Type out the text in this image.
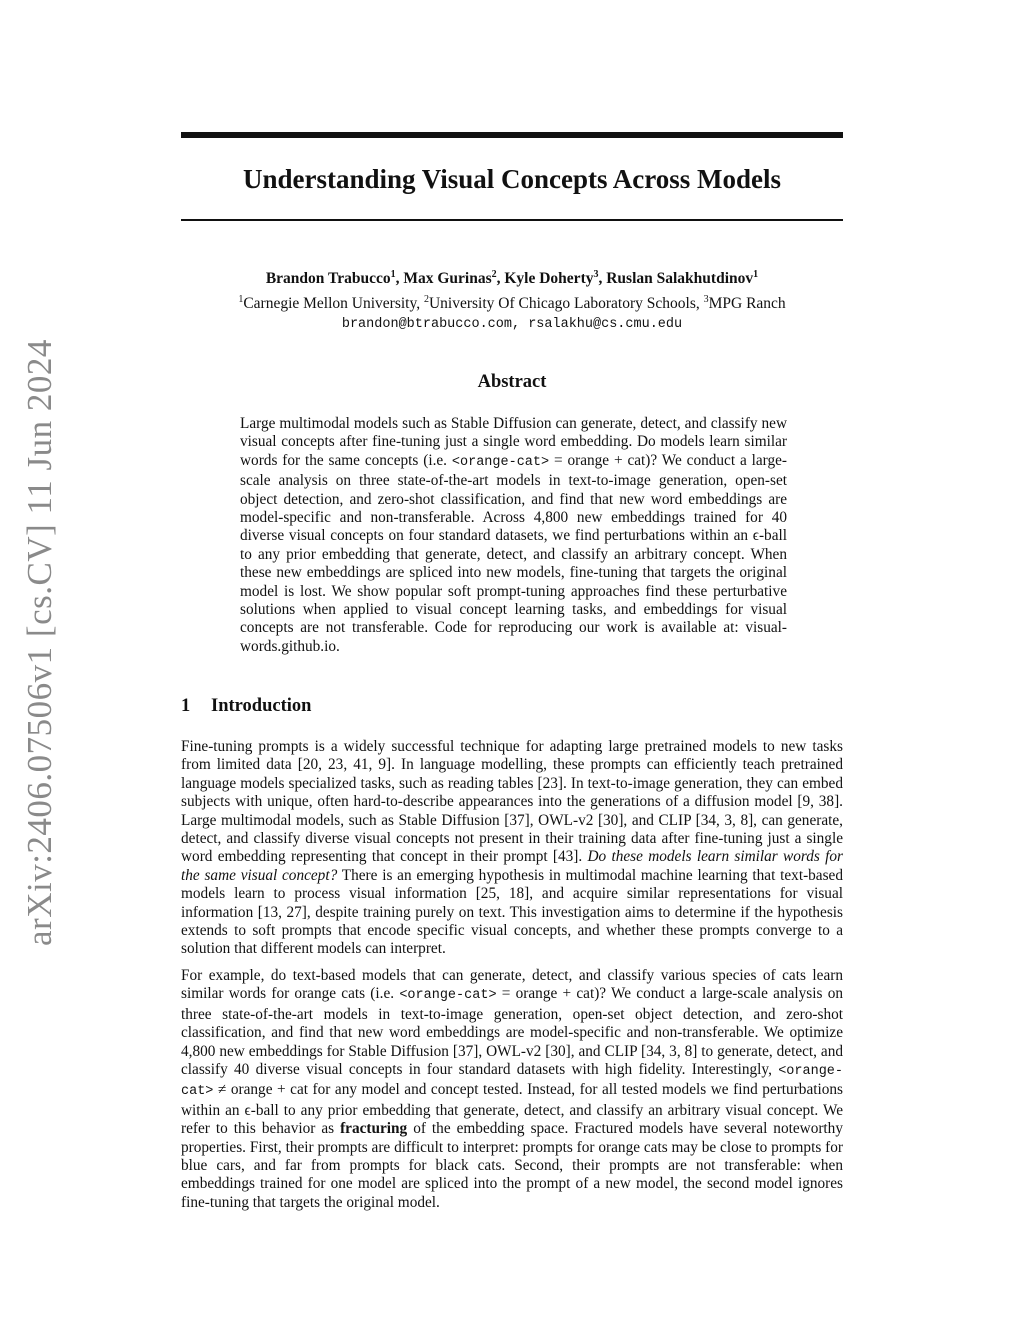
arXiv:2406.07506v1 [cs.CV] 11 Jun 2024
Understanding Visual Concepts Across Models
Brandon Trabucco$^1$, Max Gurinas$^2$, Kyle Doherty$^3$, Ruslan Salakhutdinov$^1$
$^1$Carnegie Mellon University, $^2$University Of Chicago Laboratory Schools, $^3$MPG Ranch
brandon@btrabucco.com, rsalakhu@cs.cmu.edu
Abstract

Large multimodal models such as Stable Diffusion can generate, detect, and classify new visual concepts after fine-tuning just a single word embedding. Do models learn similar words for the same concepts (i.e. <orange-cat> = orange + cat)? We conduct a large-scale analysis on three state-of-the-art models in text-to-image generation, open-set object detection, and zero-shot classification, and find that new word embeddings are model-specific and non-transferable. Across 4,800 new embeddings trained for 40 diverse visual concepts on four standard datasets, we find perturbations within an ϵ-ball to any prior embedding that generate, detect, and classify an arbitrary concept. When these new embeddings are spliced into new models, fine-tuning that targets the original model is lost. We show popular soft prompt-tuning approaches find these perturbative solutions when applied to visual concept learning tasks, and embeddings for visual concepts are not transferable. Code for reproducing our work is available at: visual-words.github.io.

1 Introduction

Fine-tuning prompts is a widely successful technique for adapting large pretrained models to new tasks from limited data [20, 23, 41, 9]. In language modelling, these prompts can efficiently teach pretrained language models specialized tasks, such as reading tables [23]. In text-to-image generation, they can embed subjects with unique, often hard-to-describe appearances into the generations of a diffusion model [9, 38]. Large multimodal models, such as Stable Diffusion [37], OWL-v2 [30], and CLIP [34, 3, 8], can generate, detect, and classify diverse visual concepts not present in their training data after fine-tuning just a single word embedding representing that concept in their prompt [43]. Do these models learn similar words for the same visual concept? There is an emerging hypothesis in multimodal machine learning that text-based models learn to process visual information [25, 18], and acquire similar representations for visual information [13, 27], despite training purely on text. This investigation aims to determine if the hypothesis extends to soft prompts that encode specific visual concepts, and whether these prompts converge to a solution that different models can interpret.

For example, do text-based models that can generate, detect, and classify various species of cats learn similar words for orange cats (i.e. <orange-cat> = orange + cat)? We conduct a large-scale analysis on three state-of-the-art models in text-to-image generation, open-set object detection, and zero-shot classification, and find that new word embeddings are model-specific and non-transferable. We optimize 4,800 new embeddings for Stable Diffusion [37], OWL-v2 [30], and CLIP [34, 3, 8] to generate, detect, and classify 40 diverse visual concepts in four standard datasets with high fidelity. Interestingly, <orange-cat> ≠ orange + cat for any model and concept tested. Instead, for all tested models we find perturbations within an ϵ-ball to any prior embedding that generate, detect, and classify an arbitrary visual concept. We refer to this behavior as fracturing of the embedding space. Fractured models have several noteworthy properties. First, their prompts are difficult to interpret: prompts for orange cats may be close to prompts for blue cars, and far from prompts for black cats. Second, their prompts are not transferable: when embeddings trained for one model are spliced into the prompt of a new model, the second model ignores fine-tuning that targets the original model.
